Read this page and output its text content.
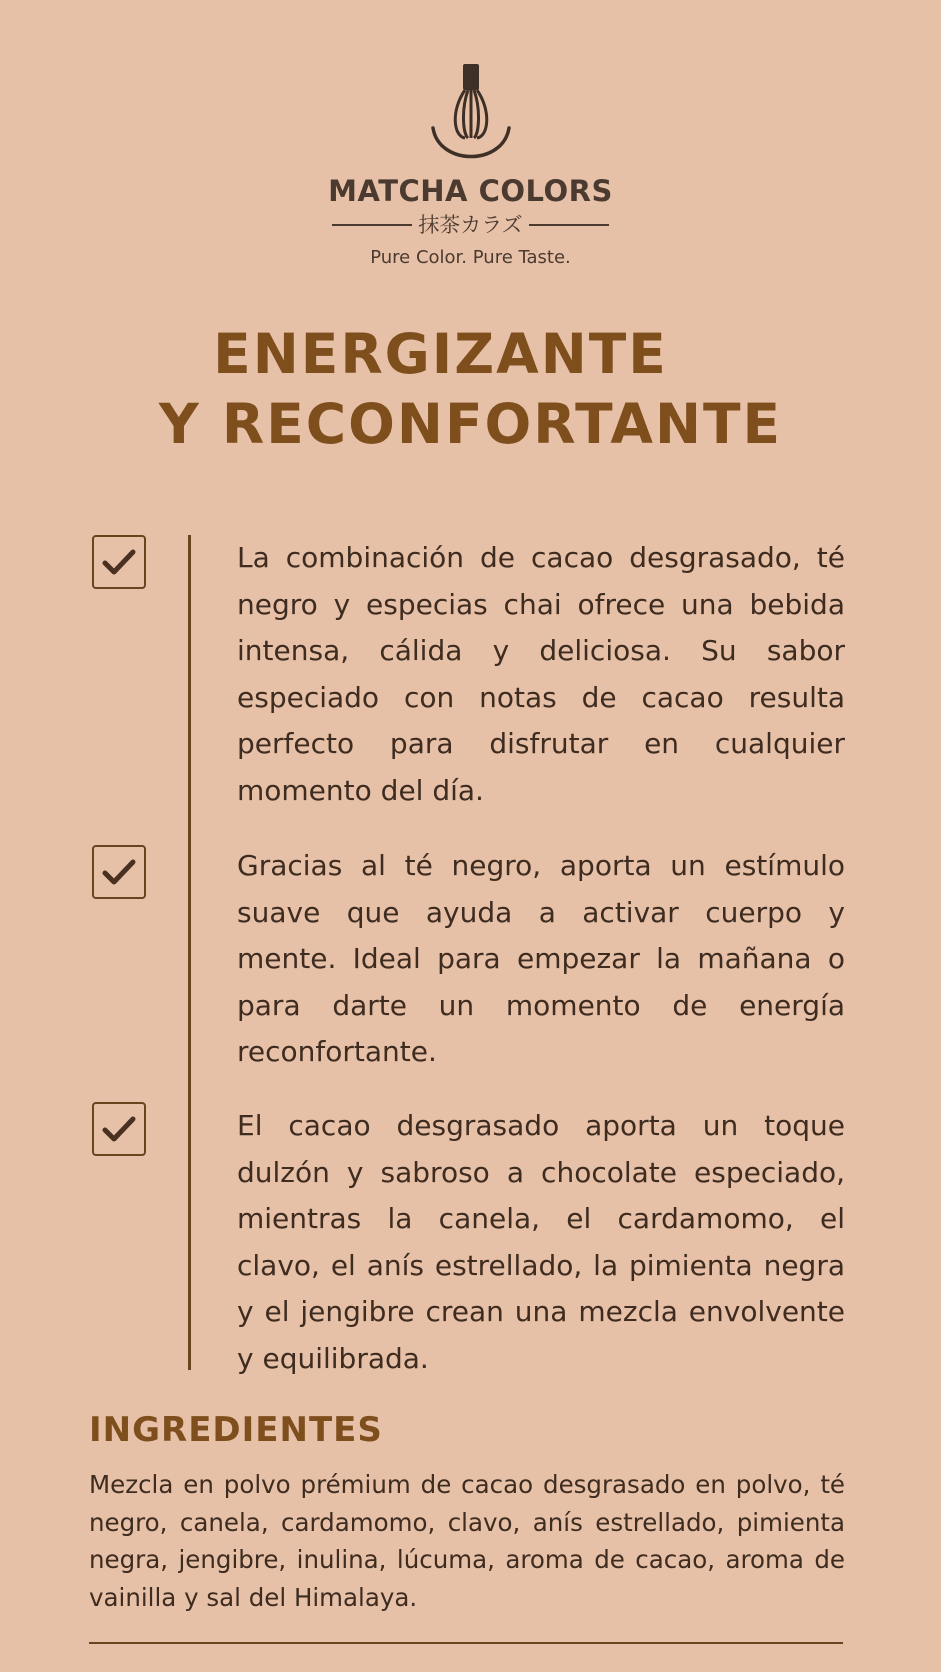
MATCHA COLORS
抹茶カラズ
Pure Color. Pure Taste.
ENERGIZANTE
Y RECONFORTANTE

La combinación de cacao desgrasado, té negro y especias chai ofrece una bebida intensa, cálida y deliciosa. Su sabor especiado con notas de cacao resulta perfecto para disfrutar en cualquier momento del día.

Gracias al té negro, aporta un estímulo suave que ayuda a activar cuerpo y mente. Ideal para empezar la mañana o para darte un momento de energía reconfortante.

El cacao desgrasado aporta un toque dulzón y sabroso a chocolate especiado, mientras la canela, el cardamomo, el clavo, el anís estrellado, la pimienta negra y el jengibre crean una mezcla envolvente y equilibrada.

INGREDIENTES

Mezcla en polvo prémium de cacao desgrasado en polvo, té negro, canela, cardamomo, clavo, anís estrellado, pimienta negra, jengibre, inulina, lúcuma, aroma de cacao, aroma de vainilla y sal del Himalaya.
